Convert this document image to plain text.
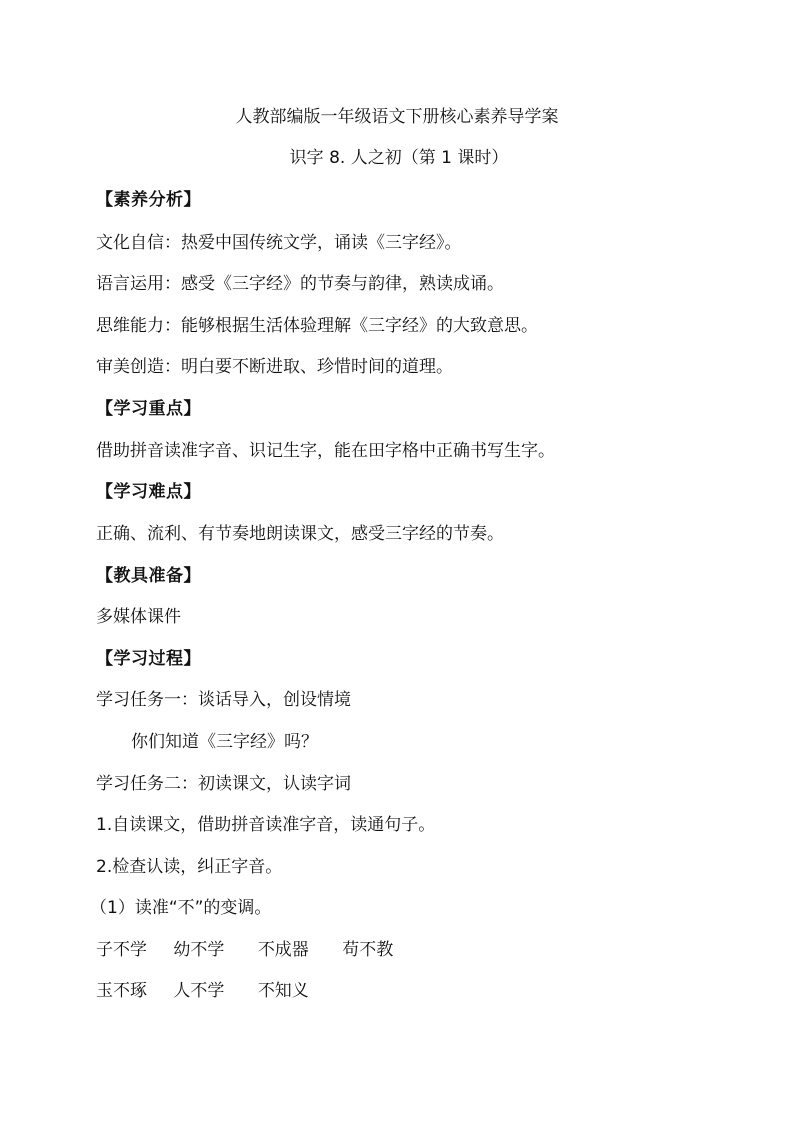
人教部编版一年级语文下册核心素养导学案
识字 8. 人之初（第 1 课时）
【素养分析】
文化自信：热爱中国传统文学，诵读《三字经》。
语言运用：感受《三字经》的节奏与韵律，熟读成诵。
思维能力：能够根据生活体验理解《三字经》的大致意思。
审美创造：明白要不断进取、珍惜时间的道理。
【学习重点】
借助拼音读准字音、识记生字，能在田字格中正确书写生字。
【学习难点】
正确、流利、有节奏地朗读课文，感受三字经的节奏。
【教具准备】
多媒体课件
【学习过程】
学习任务一：谈话导入，创设情境
你们知道《三字经》吗？
学习任务二：初读课文，认读字词
1.自读课文，借助拼音读准字音，读通句子。
2.检查认读，纠正字音。
（1）读准“不”的变调。
子不学 幼不学 不成器 苟不教
玉不琢 人不学 不知义
